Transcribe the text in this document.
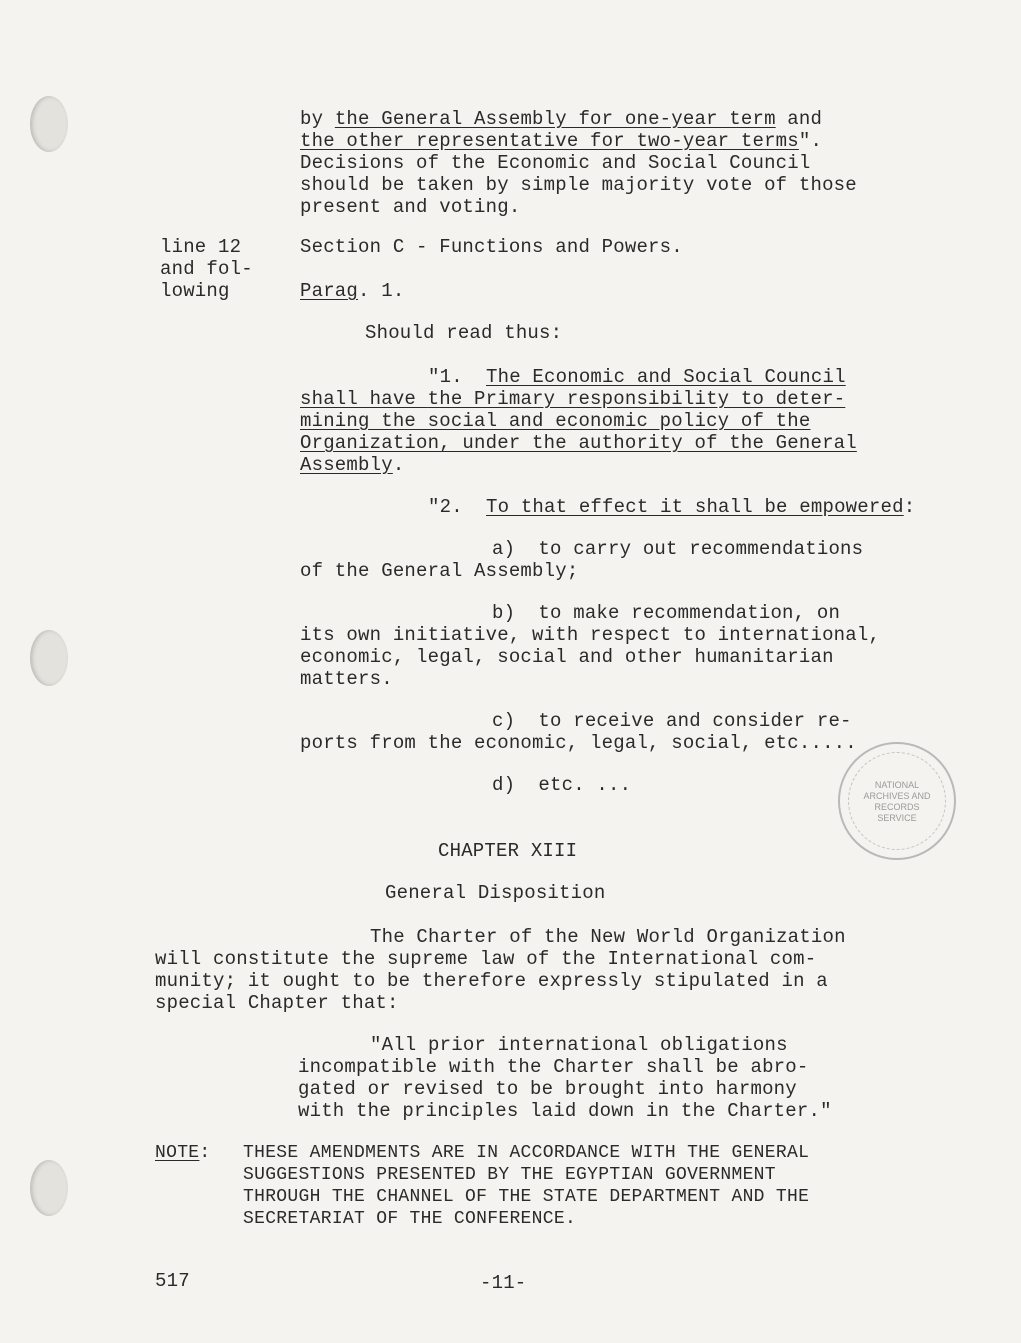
by the General Assembly for one-year term and
the other representative for two-year terms".
Decisions of the Economic and Social Council
should be taken by simple majority vote of those
present and voting.
line 12
and fol-
lowing
Section C - Functions and Powers.
Parag. 1.
Should read thus:
"1.  The Economic and Social Council
shall have the Primary responsibility to deter-
mining the social and economic policy of the
Organization, under the authority of the General
Assembly.
"2.  To that effect it shall be empowered:
a)  to carry out recommendations
of the General Assembly;
b)  to make recommendation, on
its own initiative, with respect to international,
economic, legal, social and other humanitarian
matters.
c)  to receive and consider re-
ports from the economic, legal, social, etc.....
d)  etc. ...
CHAPTER XIII
General Disposition
The Charter of the New World Organization
will constitute the supreme law of the International com-
munity; it ought to be therefore expressly stipulated in a
special Chapter that:
"All prior international obligations
incompatible with the Charter shall be abro-
gated or revised to be brought into harmony
with the principles laid down in the Charter."
NOTE: THESE AMENDMENTS ARE IN ACCORDANCE WITH THE GENERAL
SUGGESTIONS PRESENTED BY THE EGYPTIAN GOVERNMENT
THROUGH THE CHANNEL OF THE STATE DEPARTMENT AND THE
SECRETARIAT OF THE CONFERENCE.
517	-11-
NATIONAL
ARCHIVES AND
RECORDS
SERVICE
